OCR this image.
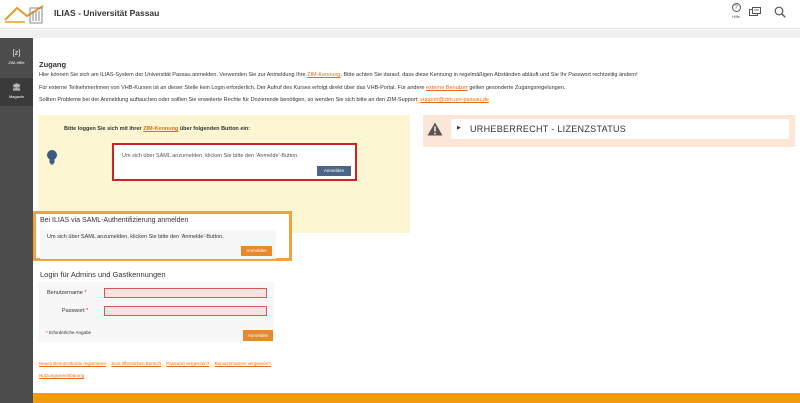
ILIAS - Universität Passau
?
Hilfe
[z]
ZIM-Hilfe
🏛
Magazin
Zugang

Hier können Sie sich am ILIAS-System der Universität Passau anmelden. Verwenden Sie zur Anmeldung Ihre ZIM-Kennung. Bitte achten Sie darauf, dass diese Kennung in regelmäßigen Abständen abläuft und Sie Ihr Passwort rechtzeitig ändern!

Für externe TeilnehmerInnen von VHB-Kursen ist an dieser Stelle kein Login erforderlich. Der Aufruf des Kurses erfolgt direkt über das VHB-Portal. Für andere externe Benutzer gelten gesonderte Zugangsregelungen.

Sollten Probleme bei der Anmeldung auftauchen oder sollten Sie erweiterte Rechte für Dozierende benötigen, so wenden Sie sich bitte an den ZIM-Support: support@zim.uni-passau.de

Bitte loggen Sie sich mit ihrer ZIM-Kennung über folgenden Button ein:
Um sich über SAML anzumelden, klicken Sie bitte den 'Anmelde'-Button.
Anmelden
▶ URHEBERRECHT - LIZENZSTATUS
Bei ILIAS via SAML-Authentifizierung anmelden
Um sich über SAML anzumelden, klicken Sie bitte den 'Anmelde'-Button.
Anmelden
Login für Admins und Gastkennungen
Benutzername *
Passwort *
* Erforderliche Angabe
Anmelden
Neues Benutzerkonto registrieren Zum öffentlichen Bereich Passwort vergessen? Benutzernamen vergessen?
Nutzungsvereinbarung
